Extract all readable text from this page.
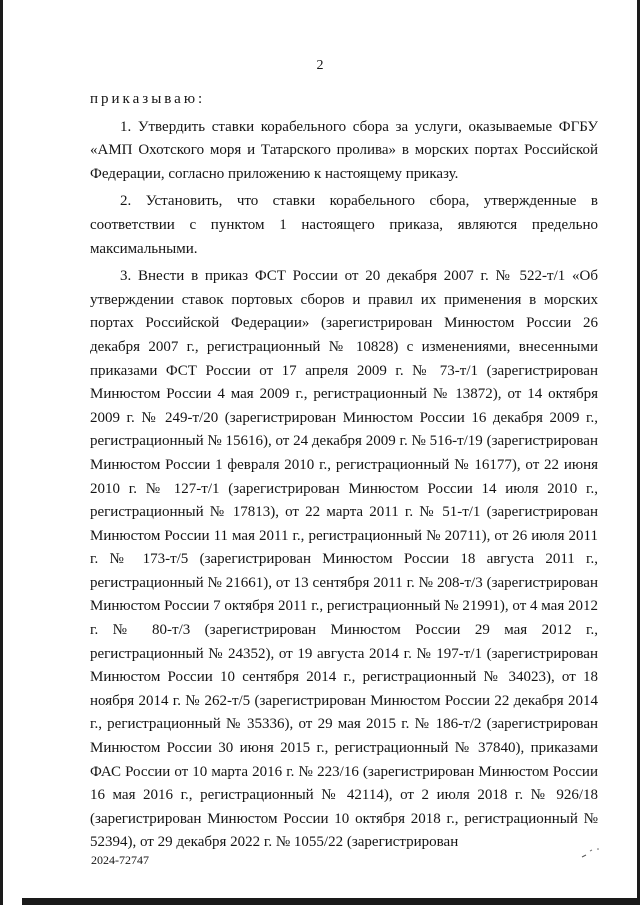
2

приказываю:

1. Утвердить ставки корабельного сбора за услуги, оказываемые ФГБУ «АМП Охотского моря и Татарского пролива» в морских портах Российской Федерации, согласно приложению к настоящему приказу.

2. Установить, что ставки корабельного сбора, утвержденные в соответствии с пунктом 1 настоящего приказа, являются предельно максимальными.

3. Внести в приказ ФСТ России от 20 декабря 2007 г. № 522-т/1 «Об утверждении ставок портовых сборов и правил их применения в морских портах Российской Федерации» (зарегистрирован Минюстом России 26 декабря 2007 г., регистрационный № 10828) с изменениями, внесенными приказами ФСТ России от 17 апреля 2009 г. № 73-т/1 (зарегистрирован Минюстом России 4 мая 2009 г., регистрационный № 13872), от 14 октября 2009 г. № 249-т/20 (зарегистрирован Минюстом России 16 декабря 2009 г., регистрационный № 15616), от 24 декабря 2009 г. № 516-т/19 (зарегистрирован Минюстом России 1 февраля 2010 г., регистрационный № 16177), от 22 июня 2010 г. № 127-т/1 (зарегистрирован Минюстом России 14 июля 2010 г., регистрационный № 17813), от 22 марта 2011 г. № 51-т/1 (зарегистрирован Минюстом России 11 мая 2011 г., регистрационный № 20711), от 26 июля 2011 г. № 173-т/5 (зарегистрирован Минюстом России 18 августа 2011 г., регистрационный № 21661), от 13 сентября 2011 г. № 208-т/3 (зарегистрирован Минюстом России 7 октября 2011 г., регистрационный № 21991), от 4 мая 2012 г. № 80-т/3 (зарегистрирован Минюстом России 29 мая 2012 г., регистрационный № 24352), от 19 августа 2014 г. № 197-т/1 (зарегистрирован Минюстом России 10 сентября 2014 г., регистрационный № 34023), от 18 ноября 2014 г. № 262-т/5 (зарегистрирован Минюстом России 22 декабря 2014 г., регистрационный № 35336), от 29 мая 2015 г. № 186-т/2 (зарегистрирован Минюстом России 30 июня 2015 г., регистрационный № 37840), приказами ФАС России от 10 марта 2016 г. № 223/16 (зарегистрирован Минюстом России 16 мая 2016 г., регистрационный № 42114), от 2 июля 2018 г. № 926/18 (зарегистрирован Минюстом России 10 октября 2018 г., регистрационный № 52394), от 29 декабря 2022 г. № 1055/22 (зарегистрирован

2024-72747
